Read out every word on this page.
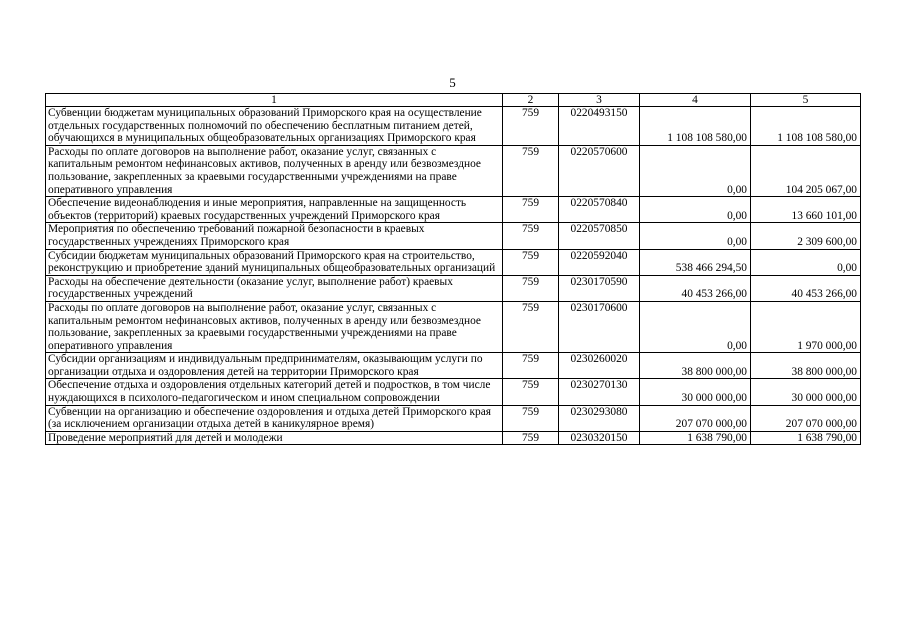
5
1	2	3	4	5
Субвенции бюджетам муниципальных образований Приморского края на осуществление отдельных государственных полномочий по обеспечению бесплатным питанием детей, обучающихся в муниципальных общеобразовательных организациях Приморского края	759	0220493150	1 108 108 580,00	1 108 108 580,00
Расходы по оплате договоров на выполнение работ, оказание услуг, связанных с капитальным ремонтом нефинансовых активов, полученных в аренду или безвозмездное пользование, закрепленных за краевыми государственными учреждениями на праве оперативного управления	759	0220570600	0,00	104 205 067,00
Обеспечение видеонаблюдения и иные мероприятия, направленные на защищенность объектов (территорий) краевых государственных учреждений Приморского края	759	0220570840	0,00	13 660 101,00
Мероприятия по обеспечению требований пожарной безопасности в краевых государственных учреждениях Приморского края	759	0220570850	0,00	2 309 600,00
Субсидии бюджетам муниципальных образований Приморского края на строительство, реконструкцию и приобретение зданий муниципальных общеобразовательных организаций	759	0220592040	538 466 294,50	0,00
Расходы на обеспечение деятельности (оказание услуг, выполнение работ) краевых государственных учреждений	759	0230170590	40 453 266,00	40 453 266,00
Расходы по оплате договоров на выполнение работ, оказание услуг, связанных с капитальным ремонтом нефинансовых активов, полученных в аренду или безвозмездное пользование, закрепленных за краевыми государственными учреждениями на праве оперативного управления	759	0230170600	0,00	1 970 000,00
Субсидии организациям и индивидуальным предпринимателям, оказывающим услуги по организации отдыха и оздоровления детей на территории Приморского края	759	0230260020	38 800 000,00	38 800 000,00
Обеспечение отдыха и оздоровления отдельных категорий детей и подростков, в том числе нуждающихся в психолого-педагогическом и ином специальном сопровождении	759	0230270130	30 000 000,00	30 000 000,00
Субвенции на организацию и обеспечение оздоровления и отдыха детей Приморского края (за исключением организации отдыха детей в каникулярное время)	759	0230293080	207 070 000,00	207 070 000,00
Проведение мероприятий для детей и молодежи	759	0230320150	1 638 790,00	1 638 790,00
